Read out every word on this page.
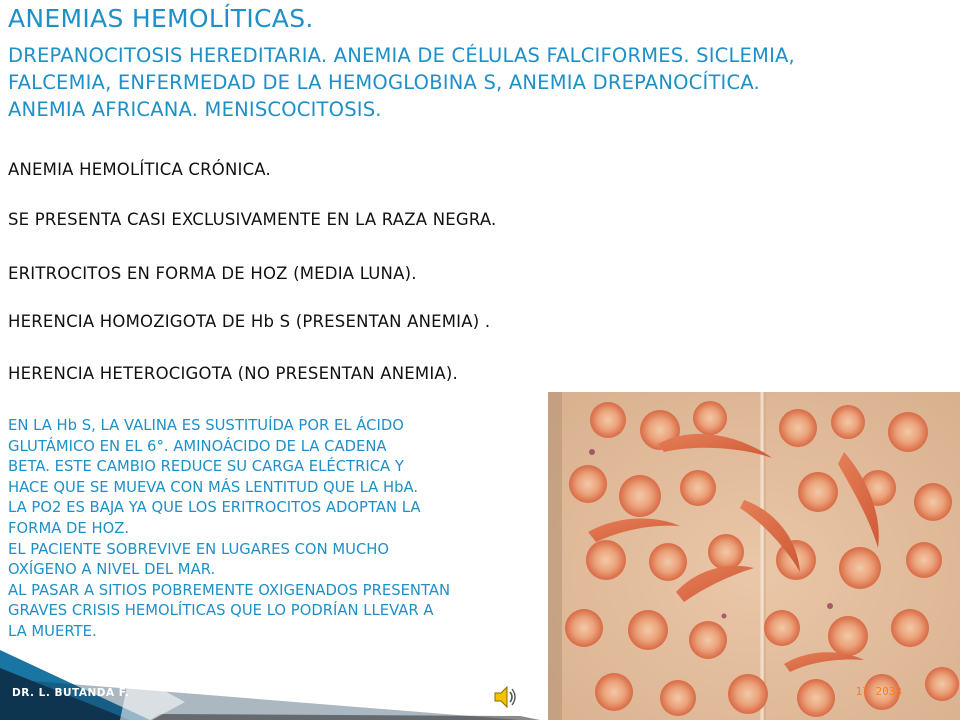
ANEMIAS HEMOLÍTICAS.
DREPANOCITOSIS HEREDITARIA. ANEMIA DE CÉLULAS FALCIFORMES. SICLEMIA,
FALCEMIA, ENFERMEDAD DE LA HEMOGLOBINA S, ANEMIA DREPANOCÍTICA.
ANEMIA AFRICANA. MENISCOCITOSIS.
ANEMIA HEMOLÍTICA CRÓNICA.
SE PRESENTA CASI EXCLUSIVAMENTE EN LA RAZA NEGRA.
ERITROCITOS EN FORMA DE HOZ (MEDIA LUNA).
HERENCIA HOMOZIGOTA DE Hb S (PRESENTAN ANEMIA) .
HERENCIA HETEROCIGOTA (NO PRESENTAN ANEMIA).
EN LA Hb S, LA VALINA ES SUSTITUÍDA POR EL ÁCIDO
GLUTÁMICO EN EL 6°. AMINOÁCIDO DE LA CADENA
BETA. ESTE CAMBIO REDUCE SU CARGA ELÉCTRICA Y
HACE QUE SE MUEVA CON MÁS LENTITUD QUE LA HbA.
LA PO2 ES BAJA YA QUE LOS ERITROCITOS ADOPTAN LA
FORMA DE HOZ.
EL PACIENTE SOBREVIVE EN LUGARES CON MUCHO
OXÍGENO A NIVEL DEL MAR.
AL PASAR A SITIOS POBREMENTE OXIGENADOS PRESENTAN
GRAVES CRISIS HEMOLÍTICAS QUE LO PODRÍAN LLEVAR A
LA MUERTE.
17 2033
DR. L. BUTANDA F.
